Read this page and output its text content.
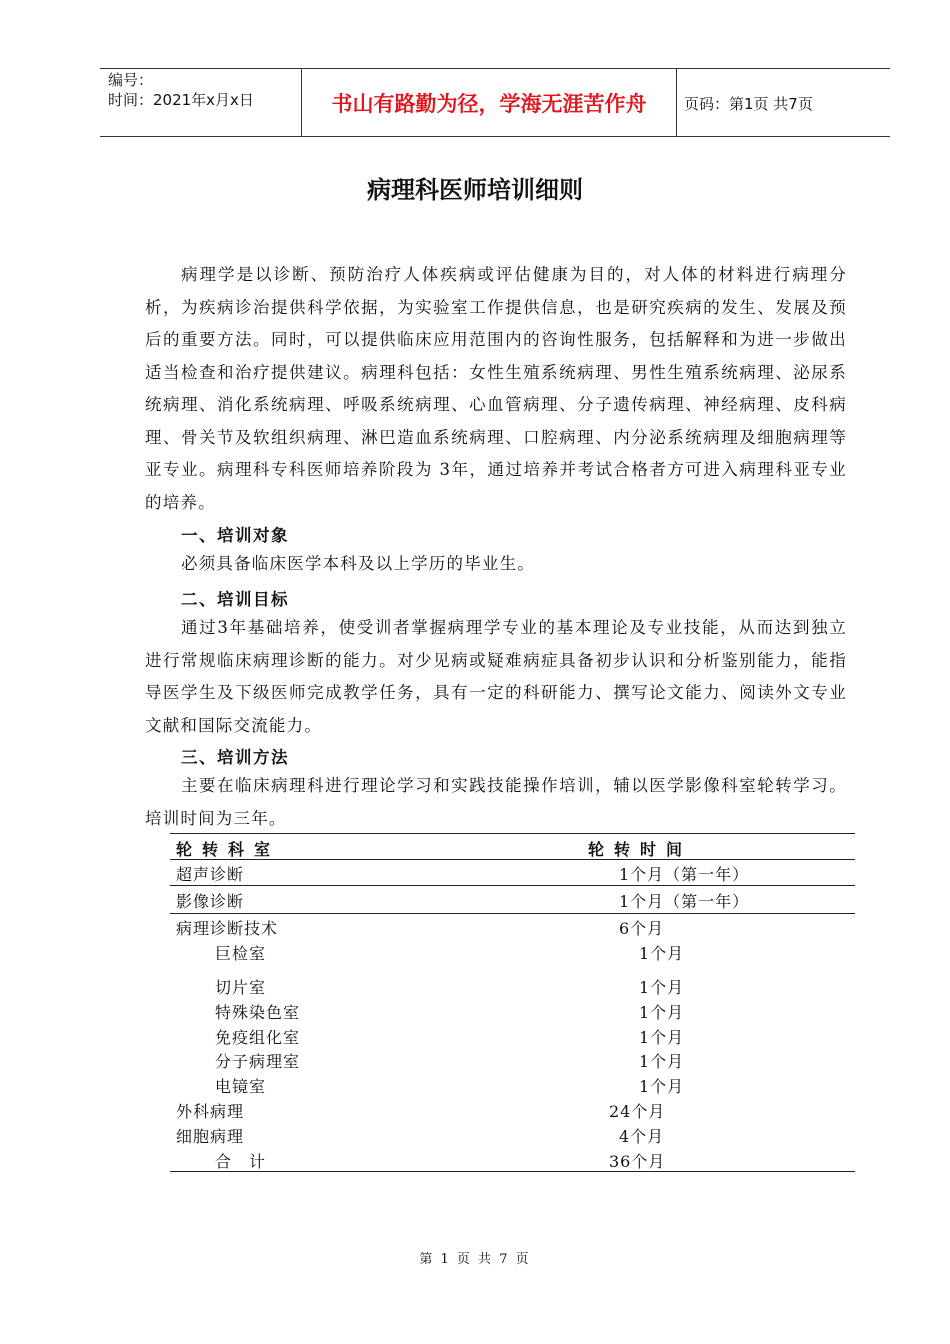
编号：
时间：2021年x月x日	书山有路勤为径，学海无涯苦作舟	页码：第1页 共7页
病理科医师培训细则
病理学是以诊断、预防治疗人体疾病或评估健康为目的，对人体的材料进行病理分析，为疾病诊治提供科学依据，为实验室工作提供信息，也是研究疾病的发生、发展及预后的重要方法。同时，可以提供临床应用范围内的咨询性服务，包括解释和为进一步做出适当检查和治疗提供建议。病理科包括：女性生殖系统病理、男性生殖系统病理、泌尿系统病理、消化系统病理、呼吸系统病理、心血管病理、分子遗传病理、神经病理、皮科病理、骨关节及软组织病理、淋巴造血系统病理、口腔病理、内分泌系统病理及细胞病理等亚专业。病理科专科医师培养阶段为 3年，通过培养并考试合格者方可进入病理科亚专业的培养。
一、培训对象
必须具备临床医学本科及以上学历的毕业生。
二、培训目标
通过3年基础培养，使受训者掌握病理学专业的基本理论及专业技能，从而达到独立进行常规临床病理诊断的能力。对少见病或疑难病症具备初步认识和分析鉴别能力，能指导医学生及下级医师完成教学任务，具有一定的科研能力、撰写论文能力、阅读外文专业文献和国际交流能力。
三、培训方法
主要在临床病理科进行理论学习和实践技能操作培训，辅以医学影像科室轮转学习。培训时间为三年。
轮转科室	轮转时间
超声诊断	1个月（第一年）
影像诊断	1个月（第一年）
病理诊断技术	6个月
巨检室	1个月
切片室	1个月
特殊染色室	1个月
免疫组化室	1个月
分子病理室	1个月
电镜室	1个月
外科病理	24个月
细胞病理	4个月
合　计	36个月
第 1 页 共 7 页
